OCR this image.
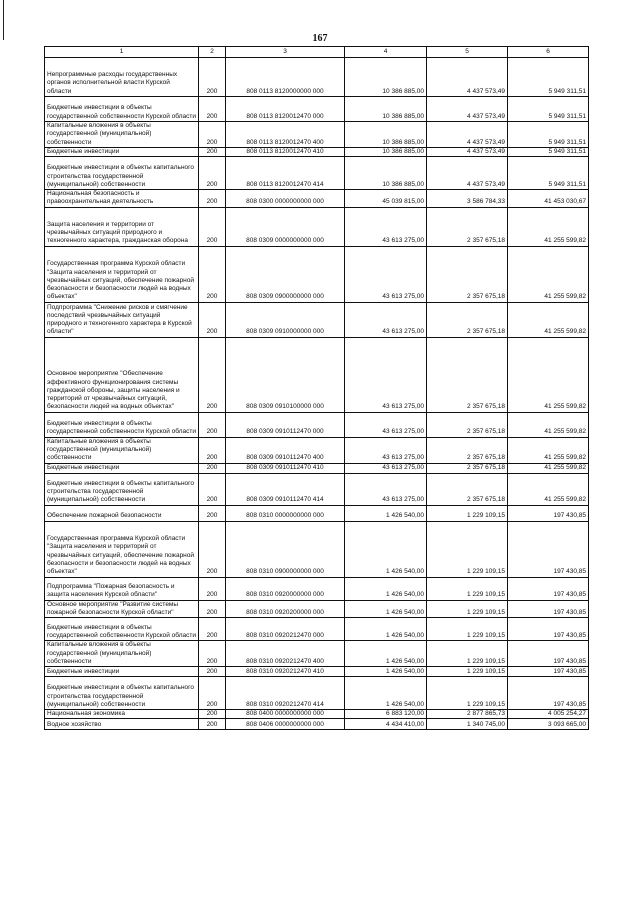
167
1	2	3	4	5	6
Непрограммные расходы государственных органов исполнительной власти Курской области	200	808 0113 8120000000 000	10 386 885,00	4 437 573,49	5 949 311,51
Бюджетные инвестиции в объекты государственной собственности Курской области	200	808 0113 8120012470 000	10 386 885,00	4 437 573,49	5 949 311,51
Капитальные вложения в объекты государственной (муниципальной) собственности	200	808 0113 8120012470 400	10 386 885,00	4 437 573,49	5 949 311,51
Бюджетные инвестиции	200	808 0113 8120012470 410	10 386 885,00	4 437 573,49	5 949 311,51
Бюджетные инвестиции в объекты капитального строительства государственной (муниципальной) собственности	200	808 0113 8120012470 414	10 386 885,00	4 437 573,49	5 949 311,51
Национальная безопасность и правоохранительная деятельность	200	808 0300 0000000000 000	45 039 815,00	3 586 784,33	41 453 030,67
Защита населения и территории от чрезвычайных ситуаций природного и техногенного характера, гражданская оборона	200	808 0309 0000000000 000	43 613 275,00	2 357 675,18	41 255 599,82
Государственная программа Курской области "Защита населения и территорий от чрезвычайных ситуаций, обеспечение пожарной безопасности и безопасности людей на водных объектах"	200	808 0309 0900000000 000	43 613 275,00	2 357 675,18	41 255 599,82
Подпрограмма "Снижение рисков и смягчение последствий чрезвычайных ситуаций природного и техногенного характера в Курской области"	200	808 0309 0910000000 000	43 613 275,00	2 357 675,18	41 255 599,82
Основное мероприятие "Обеспечение эффективного функционирования системы гражданской обороны, защиты населения и территорий от чрезвычайных ситуаций, безопасности людей на водных объектах"	200	808 0309 0910100000 000	43 613 275,00	2 357 675,18	41 255 599,82
Бюджетные инвестиции в объекты государственной собственности Курской области	200	808 0309 0910112470 000	43 613 275,00	2 357 675,18	41 255 599,82
Капитальные вложения в объекты государственной (муниципальной) собственности	200	808 0309 0910112470 400	43 613 275,00	2 357 675,18	41 255 599,82
Бюджетные инвестиции	200	808 0309 0910112470 410	43 613 275,00	2 357 675,18	41 255 599,82
Бюджетные инвестиции в объекты капитального строительства государственной (муниципальной) собственности	200	808 0309 0910112470 414	43 613 275,00	2 357 675,18	41 255 599,82
Обеспечение пожарной безопасности	200	808 0310 0000000000 000	1 426 540,00	1 229 109,15	197 430,85
Государственная программа Курской области "Защита населения и территорий от чрезвычайных ситуаций, обеспечение пожарной безопасности и безопасности людей на водных объектах"	200	808 0310 0900000000 000	1 426 540,00	1 229 109,15	197 430,85
Подпрограмма "Пожарная безопасность и защита населения Курской области"	200	808 0310 0920000000 000	1 426 540,00	1 229 109,15	197 430,85
Основное мероприятие "Развитие системы пожарной безопасности Курской области"	200	808 0310 0920200000 000	1 426 540,00	1 229 109,15	197 430,85
Бюджетные инвестиции в объекты государственной собственности Курской области	200	808 0310 0920212470 000	1 426 540,00	1 229 109,15	197 430,85
Капитальные вложения в объекты государственной (муниципальной) собственности	200	808 0310 0920212470 400	1 426 540,00	1 229 109,15	197 430,85
Бюджетные инвестиции	200	808 0310 0920212470 410	1 426 540,00	1 229 109,15	197 430,85
Бюджетные инвестиции в объекты капитального строительства государственной (муниципальной) собственности	200	808 0310 0920212470 414	1 426 540,00	1 229 109,15	197 430,85
Национальная экономика	200	808 0400 0000000000 000	6 883 120,00	2 877 865,73	4 005 254,27
Водное хозяйство	200	808 0406 0000000000 000	4 434 410,00	1 340 745,00	3 093 665,00
